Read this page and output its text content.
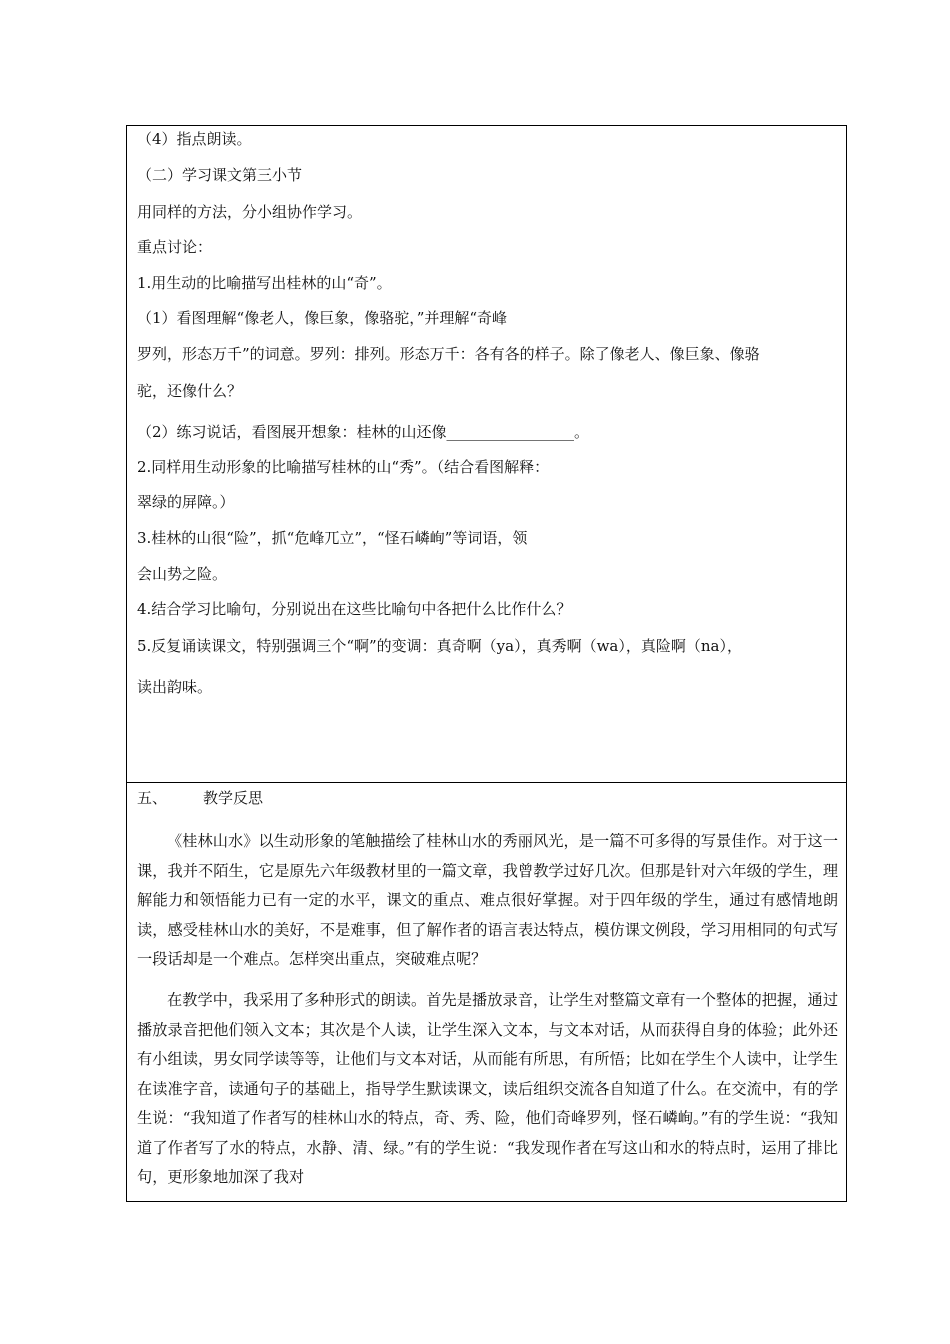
（4）指点朗读。
（二）学习课文第三小节
用同样的方法，分小组协作学习。
重点讨论：
1.用生动的比喻描写出桂林的山“奇”。
（1）看图理解“像老人，像巨象，像骆驼，”并理解“奇峰
罗列，形态万千”的词意。罗列：排列。形态万千：各有各的样子。除了像老人、像巨象、像骆
驼，还像什么？
（2）练习说话，看图展开想象：桂林的山还像_________________。
2.同样用生动形象的比喻描写桂林的山“秀”。（结合看图解释：
翠绿的屏障。）
3.桂林的山很“险”，抓“危峰兀立”，“怪石嶙峋”等词语，领
会山势之险。
4.结合学习比喻句，分别说出在这些比喻句中各把什么比作什么？
5.反复诵读课文，特别强调三个“啊”的变调：真奇啊（ya），真秀啊（wa），真险啊（na），
读出韵味。
五、 教学反思
《桂林山水》以生动形象的笔触描绘了桂林山水的秀丽风光，是一篇不可多得的写景佳作。对于这一课，我并不陌生，它是原先六年级教材里的一篇文章，我曾教学过好几次。但那是针对六年级的学生，理解能力和领悟能力已有一定的水平，课文的重点、难点很好掌握。对于四年级的学生，通过有感情地朗读，感受桂林山水的美好，不是难事，但了解作者的语言表达特点，模仿课文例段，学习用相同的句式写一段话却是一个难点。怎样突出重点，突破难点呢？
在教学中，我采用了多种形式的朗读。首先是播放录音，让学生对整篇文章有一个整体的把握，通过播放录音把他们领入文本；其次是个人读，让学生深入文本，与文本对话，从而获得自身的体验；此外还有小组读，男女同学读等等，让他们与文本对话，从而能有所思，有所悟；比如在学生个人读中，让学生在读准字音，读通句子的基础上，指导学生默读课文，读后组织交流各自知道了什么。在交流中，有的学生说：“我知道了作者写的桂林山水的特点，奇、秀、险，他们奇峰罗列，怪石嶙峋。”有的学生说：“我知道了作者写了水的特点，水静、清、绿。”有的学生说：“我发现作者在写这山和水的特点时，运用了排比句，更形象地加深了我对
